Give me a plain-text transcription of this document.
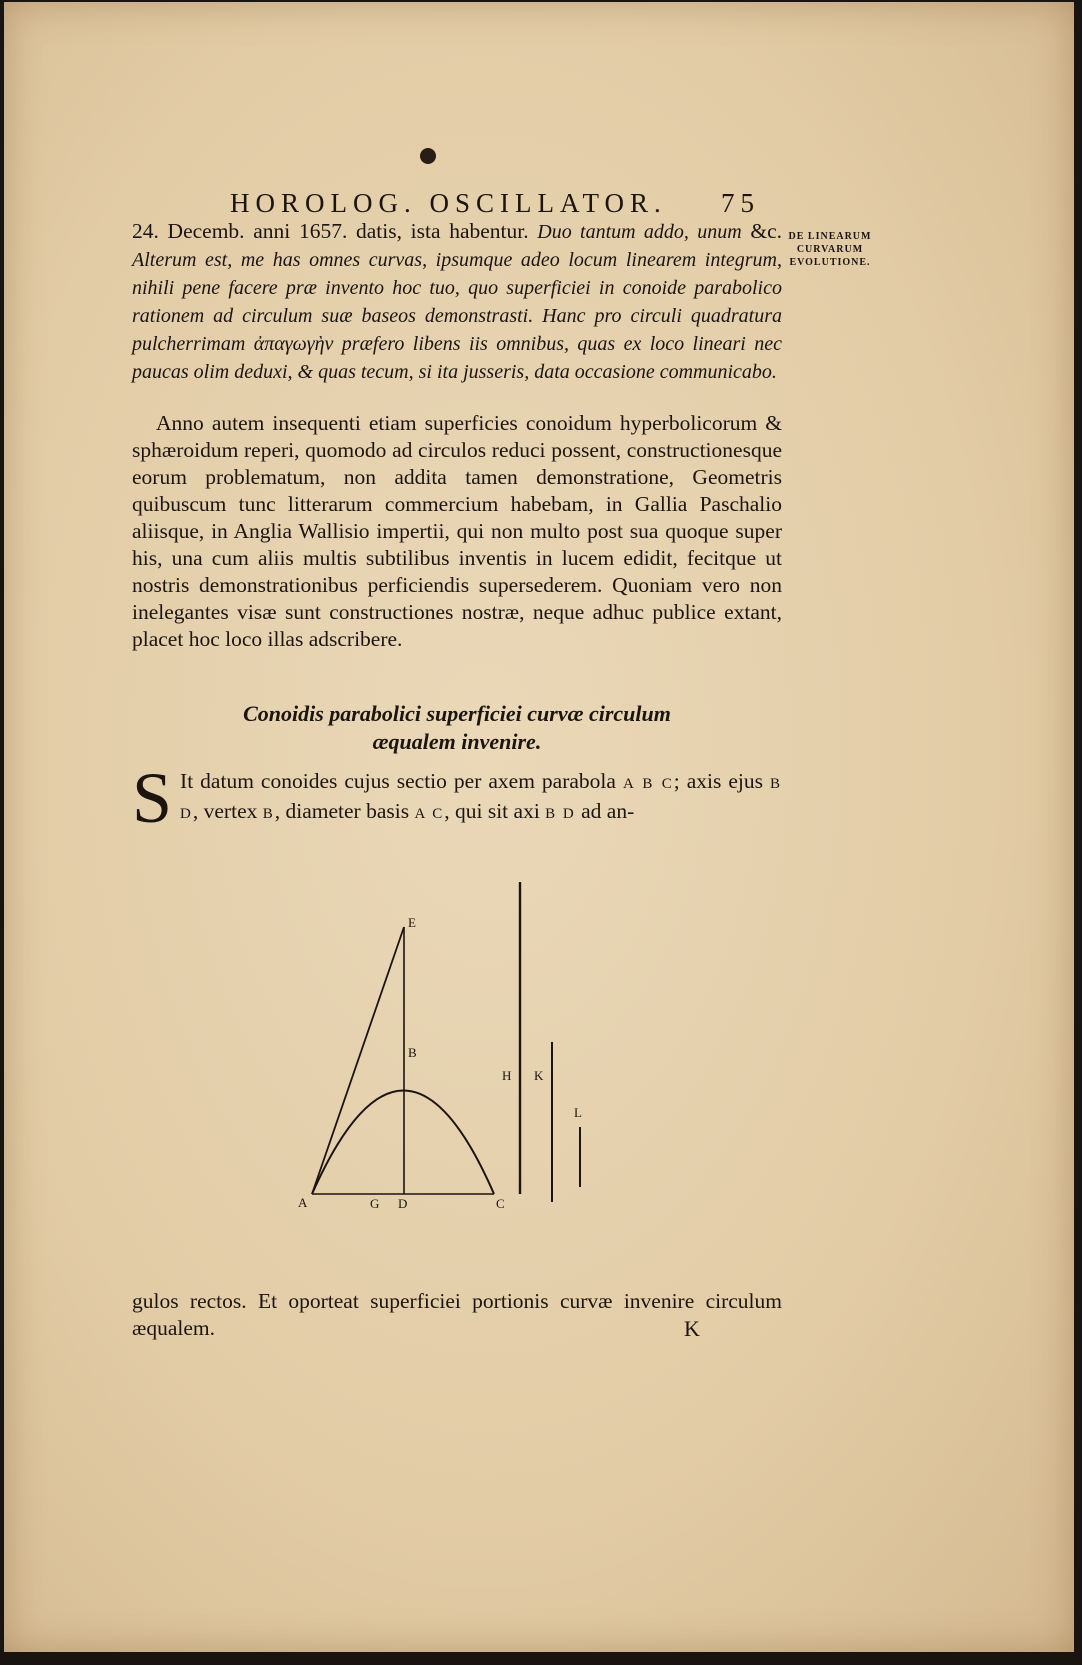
HOROLOG. OSCILLATOR. 75
DE LINEARUM
CURVARUM
EVOLUTIONE.
24. Decemb. anni 1657. datis, ista habentur. Duo tantum addo, unum &c. Alterum est, me has omnes curvas, ipsumque adeo locum linearem integrum, nihili pene facere præ invento hoc tuo, quo superficiei in conoide parabolico rationem ad circulum suæ baseos demonstrasti. Hanc pro circuli quadratura pulcherrimam ἀπαγωγὴν præfero libens iis omnibus, quas ex loco lineari nec paucas olim deduxi, & quas tecum, si ita jusseris, data occasione communicabo.
Anno autem insequenti etiam superficies conoidum hyperbolicorum & sphæroidum reperi, quomodo ad circulos reduci possent, constructionesque eorum problematum, non addita tamen demonstratione, Geometris quibuscum tunc litterarum commercium habebam, in Gallia Paschalio aliisque, in Anglia Wallisio impertii, qui non multo post sua quoque super his, una cum aliis multis subtilibus inventis in lucem edidit, fecitque ut nostris demonstrationibus perficiendis supersederem. Quoniam vero non inelegantes visæ sunt constructiones nostræ, neque adhuc publice extant, placet hoc loco illas adscribere.
Conoidis parabolici superficiei curvæ circulum
æqualem invenire.
S It datum conoides cujus sectio per axem parabola A B C; axis ejus B D, vertex B, diameter basis A C, qui sit axi B D ad an-
E
B
H K
L
A	G D	C
gulos rectos. Et oporteat superficiei portionis curvæ invenire circulum æqualem.	K
